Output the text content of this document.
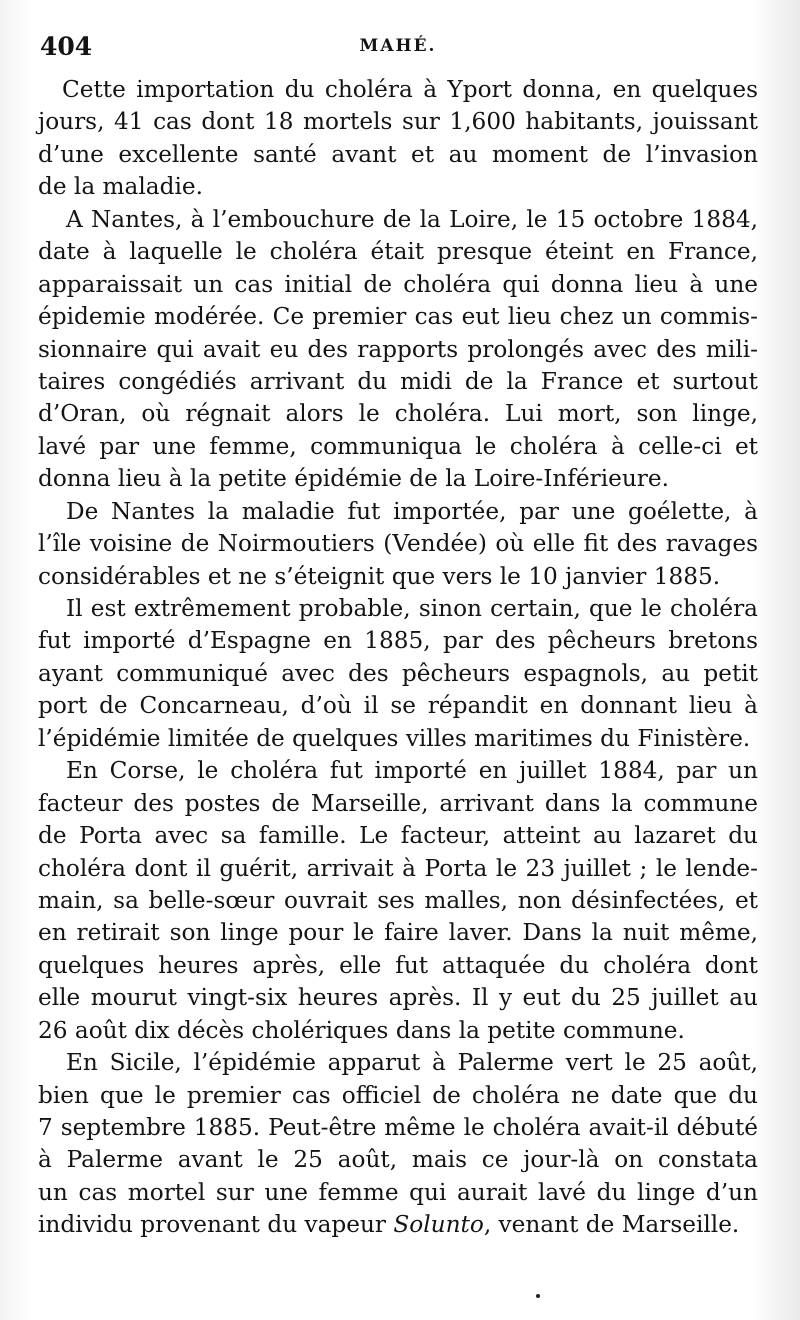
404	MAHÉ.
Cette importation du choléra à Yport donna, en quelques
jours, 41 cas dont 18 mortels sur 1,600 habitants, jouissant
d’une excellente santé avant et au moment de l’invasion
de la maladie.
A Nantes, à l’embouchure de la Loire, le 15 octobre 1884,
date à laquelle le choléra était presque éteint en France,
apparaissait un cas initial de choléra qui donna lieu à une
épidemie modérée. Ce premier cas eut lieu chez un commis-
sionnaire qui avait eu des rapports prolongés avec des mili-
taires congédiés arrivant du midi de la France et surtout
d’Oran, où régnait alors le choléra. Lui mort, son linge,
lavé par une femme, communiqua le choléra à celle-ci et
donna lieu à la petite épidémie de la Loire-Inférieure.
De Nantes la maladie fut importée, par une goélette, à
l’île voisine de Noirmoutiers (Vendée) où elle fit des ravages
considérables et ne s’éteignit que vers le 10 janvier 1885.
Il est extrêmement probable, sinon certain, que le choléra
fut importé d’Espagne en 1885, par des pêcheurs bretons
ayant communiqué avec des pêcheurs espagnols, au petit
port de Concarneau, d’où il se répandit en donnant lieu à
l’épidémie limitée de quelques villes maritimes du Finistère.
En Corse, le choléra fut importé en juillet 1884, par un
facteur des postes de Marseille, arrivant dans la commune
de Porta avec sa famille. Le facteur, atteint au lazaret du
choléra dont il guérit, arrivait à Porta le 23 juillet ; le lende-
main, sa belle-sœur ouvrait ses malles, non désinfectées, et
en retirait son linge pour le faire laver. Dans la nuit même,
quelques heures après, elle fut attaquée du choléra dont
elle mourut vingt-six heures après. Il y eut du 25 juillet au
26 août dix décès cholériques dans la petite commune.
En Sicile, l’épidémie apparut à Palerme vert le 25 août,
bien que le premier cas officiel de choléra ne date que du
7 septembre 1885. Peut-être même le choléra avait-il débuté
à Palerme avant le 25 août, mais ce jour-là on constata
un cas mortel sur une femme qui aurait lavé du linge d’un
individu provenant du vapeur Solunto, venant de Marseille.
